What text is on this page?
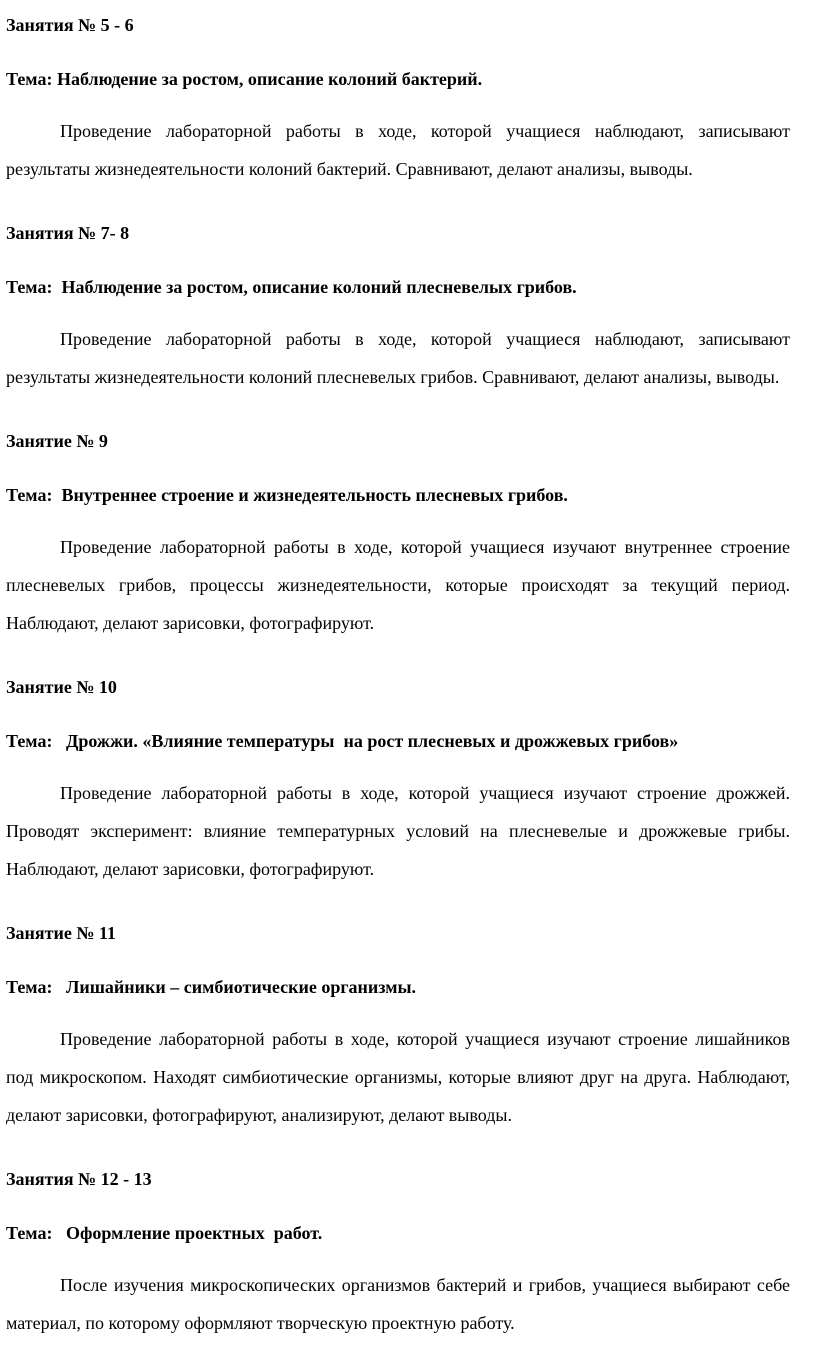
Занятия № 5 - 6
Тема: Наблюдение за ростом, описание колоний бактерий.
Проведение лабораторной работы в ходе, которой учащиеся наблюдают, записывают результаты жизнедеятельности колоний бактерий. Сравнивают, делают анализы, выводы.
Занятия № 7- 8
Тема:  Наблюдение за ростом, описание колоний плесневелых грибов.
Проведение лабораторной работы в ходе, которой учащиеся наблюдают, записывают результаты жизнедеятельности колоний плесневелых грибов. Сравнивают, делают анализы, выводы.
Занятие № 9
Тема:  Внутреннее строение и жизнедеятельность плесневых грибов.
Проведение лабораторной работы в ходе, которой учащиеся изучают внутреннее строение плесневелых грибов, процессы жизнедеятельности, которые происходят за текущий период. Наблюдают, делают зарисовки, фотографируют.
Занятие № 10
Тема:   Дрожжи. «Влияние температуры  на рост плесневых и дрожжевых грибов»
Проведение лабораторной работы в ходе, которой учащиеся изучают строение дрожжей. Проводят эксперимент: влияние температурных условий на плесневелые и дрожжевые грибы. Наблюдают, делают зарисовки, фотографируют.
Занятие № 11
Тема:   Лишайники – симбиотические организмы.
Проведение лабораторной работы в ходе, которой учащиеся изучают строение лишайников под микроскопом. Находят симбиотические организмы, которые влияют друг на друга. Наблюдают, делают зарисовки, фотографируют, анализируют, делают выводы.
Занятия № 12 - 13
Тема:   Оформление проектных  работ.
После изучения микроскопических организмов бактерий и грибов, учащиеся выбирают себе материал, по которому оформляют творческую проектную работу.
